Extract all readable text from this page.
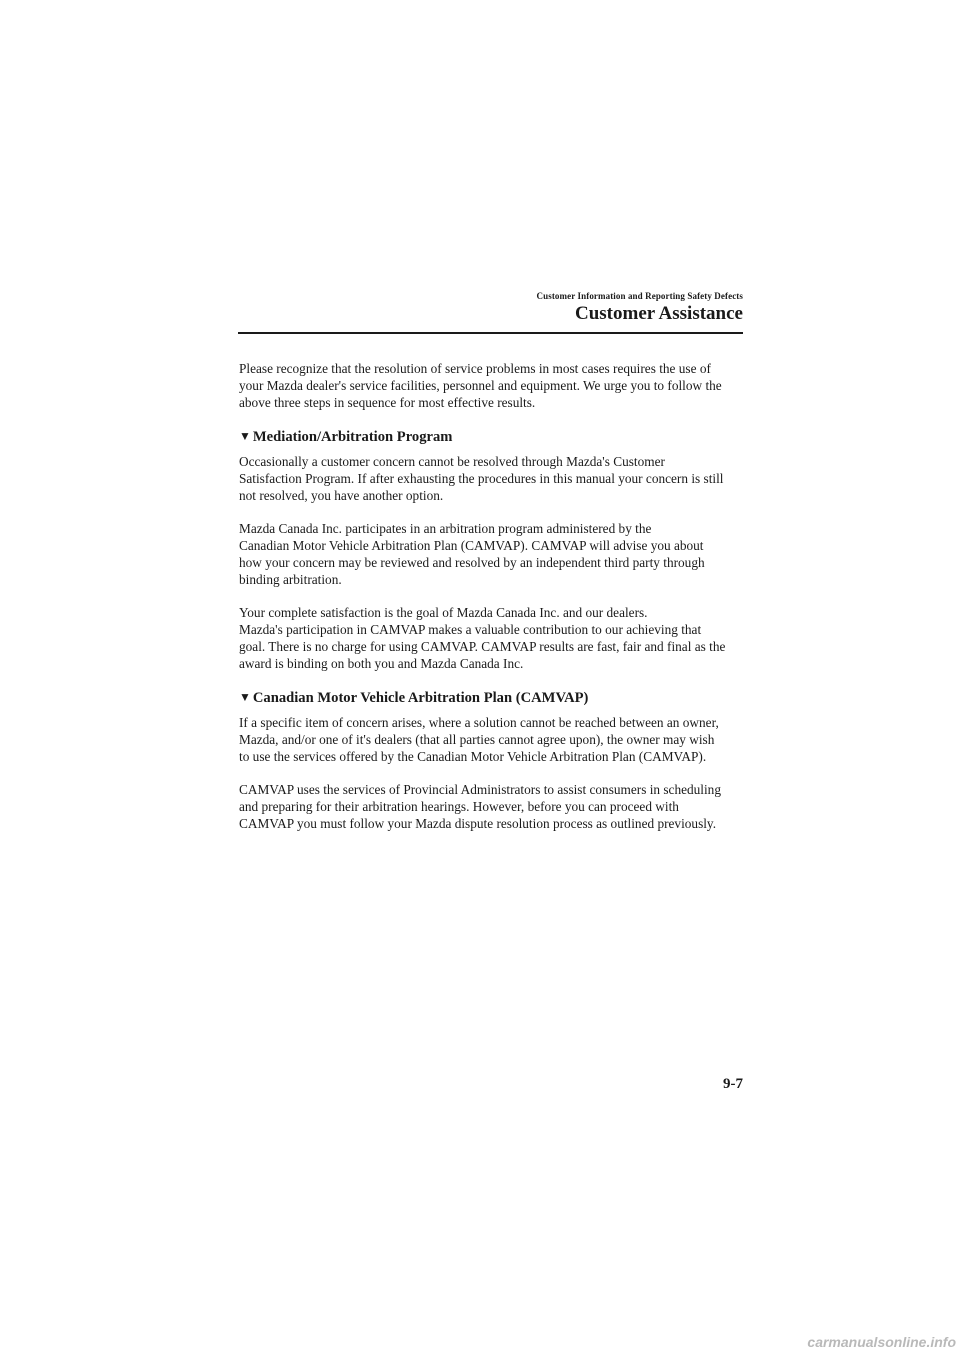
Customer Information and Reporting Safety Defects
Customer Assistance

Please recognize that the resolution of service problems in most cases requires the use of
your Mazda dealer's service facilities, personnel and equipment. We urge you to follow the
above three steps in sequence for most effective results.

▼ Mediation/Arbitration Program

Occasionally a customer concern cannot be resolved through Mazda's Customer
Satisfaction Program. If after exhausting the procedures in this manual your concern is still
not resolved, you have another option.

Mazda Canada Inc. participates in an arbitration program administered by the
Canadian Motor Vehicle Arbitration Plan (CAMVAP). CAMVAP will advise you about
how your concern may be reviewed and resolved by an independent third party through
binding arbitration.

Your complete satisfaction is the goal of Mazda Canada Inc. and our dealers.
Mazda's participation in CAMVAP makes a valuable contribution to our achieving that
goal. There is no charge for using CAMVAP. CAMVAP results are fast, fair and final as the
award is binding on both you and Mazda Canada Inc.

▼ Canadian Motor Vehicle Arbitration Plan (CAMVAP)

If a specific item of concern arises, where a solution cannot be reached between an owner,
Mazda, and/or one of it's dealers (that all parties cannot agree upon), the owner may wish
to use the services offered by the Canadian Motor Vehicle Arbitration Plan (CAMVAP).

CAMVAP uses the services of Provincial Administrators to assist consumers in scheduling
and preparing for their arbitration hearings. However, before you can proceed with
CAMVAP you must follow your Mazda dispute resolution process as outlined previously.

9-7
carmanualsonline.info
